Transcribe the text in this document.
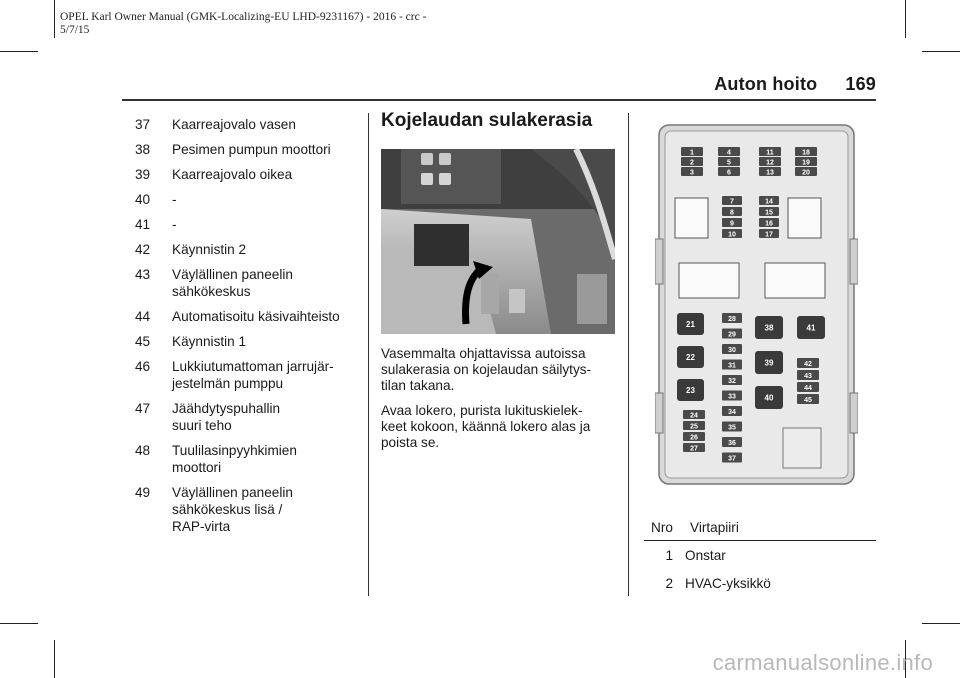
OPEL Karl Owner Manual (GMK-Localizing-EU LHD-9231167) - 2016 - crc -
5/7/15
Auton hoito 169
37	Kaarreajovalo vasen
38	Pesimen pumpun moottori
39	Kaarreajovalo oikea
40	-
41	-
42	Käynnistin 2
43	Väylällinen paneelin
sähkökeskus
44	Automatisoitu käsivaihteisto
45	Käynnistin 1
46	Lukkiutumattoman jarrujär-
jestelmän pumppu
47	Jäähdytyspuhallin
suuri teho
48	Tuulilasinpyyhkimien
moottori
49	Väylällinen paneelin
sähkökeskus lisä /
RAP-virta
Kojelaudan sulakerasia
Vasemmalta ohjattavissa autoissa
sulakerasia on kojelaudan säilytys-
tilan takana.
Avaa lokero, purista lukituskielek-
keet kokoon, käännä lokero alas ja
poista se.
1
2
3
4
5
6
11
12
13
18
19
20
7
8
9
10
14
15
16
17
21
22
23
24
25
26
27
28
29
30
31
32
33
34
35
36
37
38
39
40
41
42
43
44
45
Nro	Virtapiiri
1 Onstar
2 HVAC-yksikkö
carmanualsonline.info
